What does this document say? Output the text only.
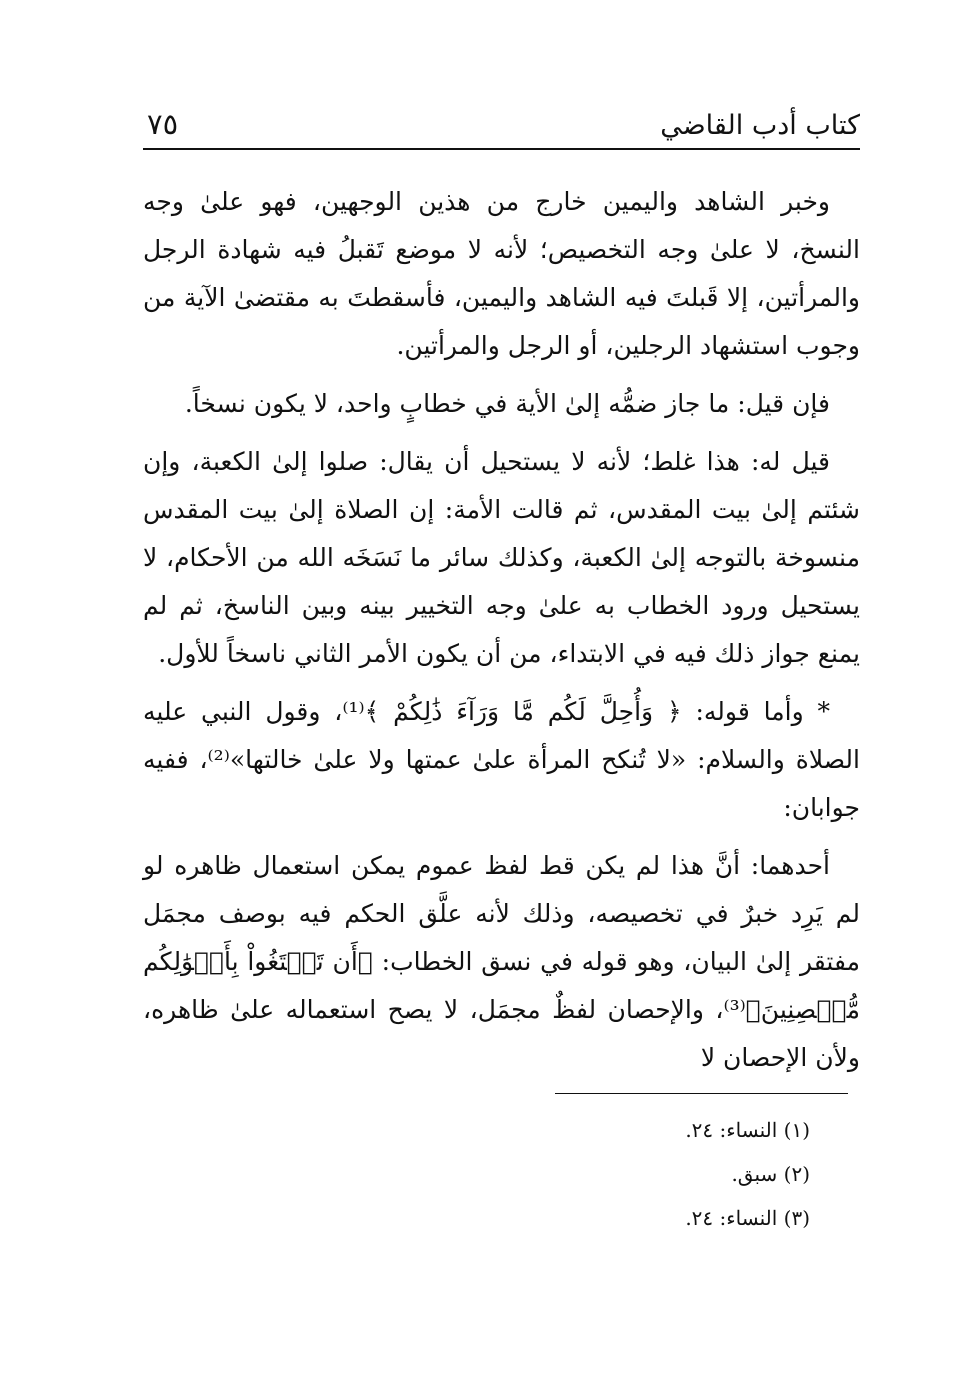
كتاب أدب القاضي
٧٥

وخبر الشاهد واليمين خارج من هذين الوجهين، فهو علىٰ وجه النسخ، لا علىٰ وجه التخصيص؛ لأنه لا موضع تَقبلُ فيه شهادة الرجل والمرأتين، إلا قَبلتَ فيه الشاهد واليمين، فأسقطتَ به مقتضىٰ الآية من وجوب استشهاد الرجلين، أو الرجل والمرأتين.

فإن قيل: ما جاز ضمُّه إلىٰ الأية في خطابٍ واحد، لا يكون نسخاً.

قيل له: هذا غلط؛ لأنه لا يستحيل أن يقال: صلوا إلىٰ الكعبة، وإن شئتم إلىٰ بيت المقدس، ثم قالت الأمة: إن الصلاة إلىٰ بيت المقدس منسوخة بالتوجه إلىٰ الكعبة، وكذلك سائر ما نَسَخَه الله من الأحكام، لا يستحيل ورود الخطاب به علىٰ وجه التخيير بينه وبين الناسخ، ثم لم يمنع جواز ذلك فيه في الابتداء، من أن يكون الأمر الثاني ناسخاً للأول.

* وأما قوله: ﴿ وَأُحِلَّ لَكُم مَّا وَرَآءَ ذَٰلِكُمْ ﴾⁽¹⁾، وقول النبي عليه الصلاة والسلام: «لا تُنكح المرأة علىٰ عمتها ولا علىٰ خالتها»⁽²⁾، ففيه جوابان:

أحدهما: أنَّ هذا لم يكن قط لفظ عموم يمكن استعمال ظاهره لو لم يَرِد خبرٌ في تخصيصه، وذلك لأنه علَّق الحكم فيه بوصف مجمَل مفتقر إلىٰ البيان، وهو قوله في نسق الخطاب: ﴿أَن تَبۡتَغُواْ بِأَمۡوَٰلِكُم مُّحۡصِنِينَ﴾⁽³⁾، والإحصان لفظٌ مجمَل، لا يصح استعماله علىٰ ظاهره، ولأن الإحصان لا

(١) النساء: ٢٤.

(٢) سبق.

(٣) النساء: ٢٤.
